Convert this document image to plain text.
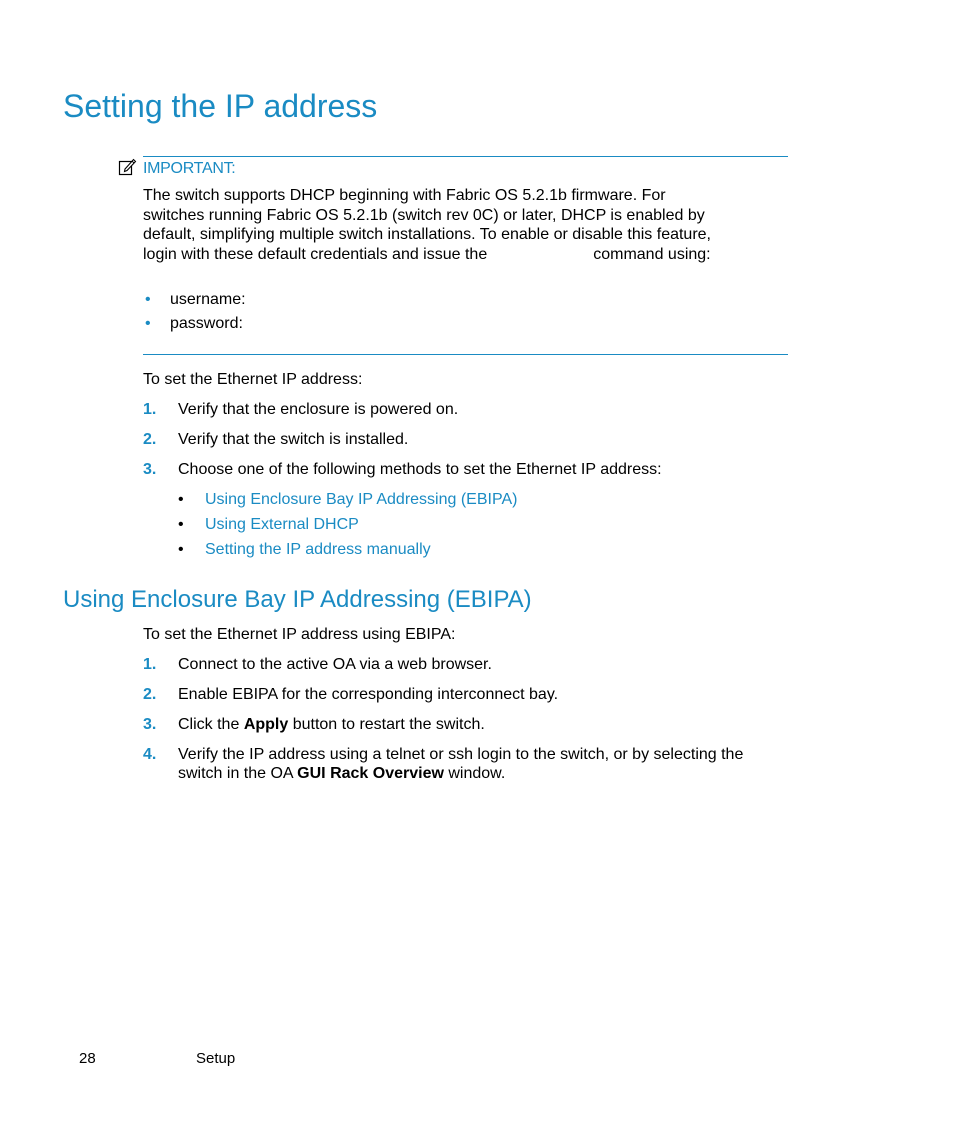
Setting the IP address
IMPORTANT:
The switch supports DHCP beginning with Fabric OS 5.2.1b firmware. For
switches running Fabric OS 5.2.1b (switch rev 0C) or later, DHCP is enabled by
default, simplifying multiple switch installations. To enable or disable this feature,
login with these default credentials and issue the	command using:
• username:
• password:
To set the Ethernet IP address:
1. Verify that the enclosure is powered on.
2. Verify that the switch is installed.
3. Choose one of the following methods to set the Ethernet IP address:
• Using Enclosure Bay IP Addressing (EBIPA)
• Using External DHCP
• Setting the IP address manually
Using Enclosure Bay IP Addressing (EBIPA)
To set the Ethernet IP address using EBIPA:
1. Connect to the active OA via a web browser.
2. Enable EBIPA for the corresponding interconnect bay.
3. Click the Apply button to restart the switch.
4. Verify the IP address using a telnet or ssh login to the switch, or by selecting the
switch in the OA GUI Rack Overview window.
28	Setup
